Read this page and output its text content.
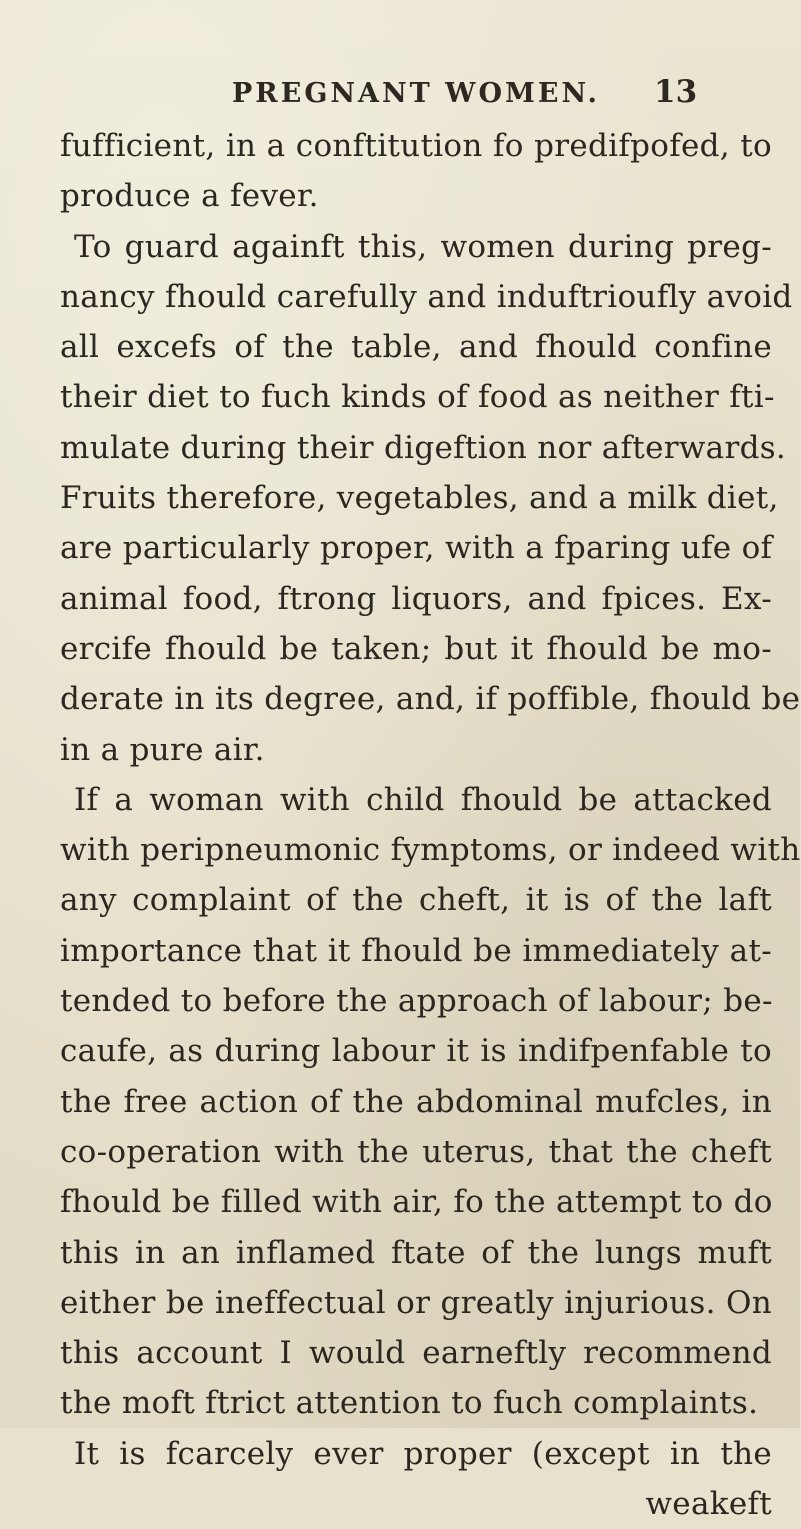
PREGNANT WOMEN. 13
fufficient, in a conftitution fo predifpofed, to
produce a fever.
To guard againft this, women during preg-
nancy fhould carefully and induftrioufly avoid
all excefs of the table, and fhould confine
their diet to fuch kinds of food as neither fti-
mulate during their digeftion nor afterwards.
Fruits therefore, vegetables, and a milk diet,
are particularly proper, with a fparing ufe of
animal food, ftrong liquors, and fpices. Ex-
ercife fhould be taken; but it fhould be mo-
derate in its degree, and, if poffible, fhould be
in a pure air.
If a woman with child fhould be attacked
with peripneumonic fymptoms, or indeed with
any complaint of the cheft, it is of the laft
importance that it fhould be immediately at-
tended to before the approach of labour; be-
caufe, as during labour it is indifpenfable to
the free action of the abdominal mufcles, in
co-operation with the uterus, that the cheft
fhould be filled with air, fo the attempt to do
this in an inflamed ftate of the lungs muft
either be ineffectual or greatly injurious. On
this account I would earneftly recommend
the moft ftrict attention to fuch complaints.
It is fcarcely ever proper (except in the
weakeft
